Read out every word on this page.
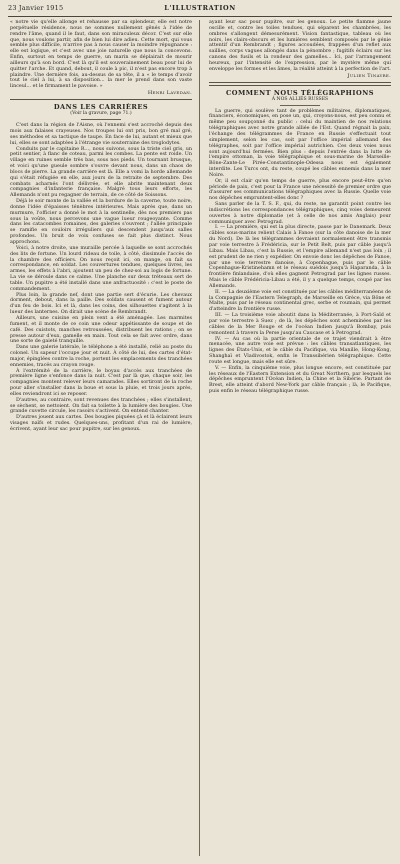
23 Janvier 1915	L'ILLUSTRATION

« notre vie qu'elle allonge et rehausse par sa splendeur, elle est notre perpétuelle résidence, nous ne sommes nullement gênés à l'idée de rendre l'âme, quand il le faut, dans son miraculeux décor. C'est sur elle que, nous voulons partir, afin de bien lui dire adieu. Cette mort, qui vous semble plus difficile, n'arrive pas à nous causer la moindre répugnance : elle est logique, et c'est avec une joie naturelle que nous la concevons. Enfin, surtout en temps de guerre, un marin se déplairait de mourir ailleurs qu'à son bord. C'est là qu'il est souverainement beau pour lui de quitter l'arche. Et quand, debout, il coule à pic, il n'est pas encore trop à plaindre. Une dernière fois, au-dessus de sa tête, il a « le temps d'avoir tout le ciel à lui, à sa disposition... la mer le prend dans son vaste linceul... et le firmament le pavoise. »

Henri Lavedan.
DANS LES CARRIÈRES
(Voir la gravure, page 71.)

C'est dans la région de l'Aisne, où l'ennemi s'est accroché depuis des mois aux falaises crayeuses. Nos troupes lui ont pris, bon gré mal gré, ses méthodes et sa tactique de taupe. En face de lui, autant et mieux que lui, elles se sont adaptées à l'étrange vie souterraine des troglodytes.

Conduits par le capitaine R..., nous suivons, sous la triste ciel gris, un petit sentier, à flanc de coteau, parmi les combes. La pente est roide. Un village en ruines semble très bas, sous nos pieds. Un tournant brusque, et voici qu'une gueule sombre s'ouvre devant nous, dans un chaos de blocs de pierre. La grande carrière est là. Elle a vomi la horde allemande qui s'était réfugiée en elle, aux jours de la retraite de septembre. Des combats acharnés l'ont délivrée, et elle abrite maintenant deux compagnies d'infanterie française. Malgré tous leurs efforts, les Allemands n'ont pu regagner de terrain, de ce côté de Soissons.

Déjà le soir monte de la vallée et la bordure de la caverne, toute noire, donne l'idée d'épaisses ténèbres intérieures. Mais après que, dans un murmure, l'officier a donné le mot à la sentinelle, dès nos premiers pas sous la voûte, nous percevons une vague lueur rougeoyante. Comme dans les catacombes romaines, des galeries s'ouvrent ; l'allée principale se ramifie en couloirs irréguliers qui descendent jusqu'aux salles profondes. Un bruit de voix confuses se fait plus distinct. Nous approchons.

Voici, à notre droite, une muraille percée à laquelle se sont accrochés des lits de fortune. Un lourd rideau de toile, à côté, dissimule l'accès de la chambre des officiers. On nous reçoit ici, on mange, on fait sa correspondance, en soldat. Les couvertures tendues, quelques livres, les armes, les effets à l'abri, ajoutent un peu de chez-soi au logis de fortune. La vie se déroule dans ce calme. Une planche sur deux tréteaux sert de table. Un pupitre a été installé dans une anfractuosité : c'est le poste de commandement.

Plus loin, la grande nef, dont une partie sert d'écurie. Les chevaux dorment, debout, dans la paille. Des soldats causent et fument autour d'un feu de bois. Ici et là, dans les coins, des silhouettes s'agitent à la lueur des lanternes. On dirait une scène de Rembrandt.

Ailleurs, une cuisine en plein vent a été aménagée. Les marmites fument, et il monte de ce coin une odeur appétissante de soupe et de café. Des cuistots, manches retroussées, distribuent les rations ; on se presse autour d'eux, gamelle en main. Tout cela se fait avec ordre, dans une sorte de gaieté tranquille.

Dans une galerie latérale, le téléphone a été installé, relié au poste du colonel. Un sapeur l'occupe jour et nuit. À côté de lui, des cartes d'état-major, épinglées contre la roche, portent les emplacements des tranchées ennemies, tracés au crayon rouge.

À l'extrémité de la carrière, le boyau d'accès aux tranchées de première ligne s'enfonce dans la nuit. C'est par là que, chaque soir, les compagnies montent relever leurs camarades. Elles sortiront de la roche pour aller s'installer dans la boue et sous la pluie, et trois jours après, elles reviendront ici se reposer.

D'autres, au contraire, sont revenues des tranchées ; elles s'installent, se sèchent, se nettoient. On fait sa toilette à la lumière des bougies. Une grande cuvette circule, les rasoirs s'activent. On entend chanter.

D'autres jouent aux cartes. Des bougies piquées çà et là éclairent leurs visages naïfs et rudes. Quelques-uns, profitant d'un rai de lumière, écrivent, ayant leur sac pour pupitre, sur les genoux.

ayant leur sac pour pupitre, sur les genoux. Le petite flamme jaune oscille et, contre les toiles tendues, qui séparent les chambrées, les ombres s'allongent démesurément. Vision fantastique, tableau où les noirs, les clairs-obscurs et les lumières semblent composés par le génie attentif d'un Rembrandt ; figures accoudées, frappées d'un reflet aux saillies, corps vagues allongés dans la pénombre ; fugitifs éclairs sur les canons des fusils et la rondeur des gamelles... Ici, par l'arrangement heureux, par l'intensité de l'expression, par le mystère même qui enveloppe les formes et les âmes, la réalité atteint à la perfection de l'art.

Julien Tinayre.
COMMENT NOUS TÉLÉGRAPHIONS
À NOS ALLIÉS RUSSES

La guerre, qui soulève tant de problèmes militaires, diplomatiques, financiers, économiques, en pose un, qui, croyons-nous, est peu connu et même peu soupçonné du public : celui du maintien de nos relations télégraphiques avec notre grande alliée de l'Est. Quand régnait la paix, l'échange des télégrammes de France en Russie s'effectuait tout simplement, selon les cas, soit par l'office impérial allemand des télégraphes, soit par l'office impérial autrichien. Ces deux voies nous sont aujourd'hui fermées. Bien plus : depuis l'entrée dans la lutte de l'empire ottoman, la voie télégraphique et sous-marine de Marseille-Bône-Zante-Le Pirée-Constantinople-Odessa nous est également interdite. Les Turcs ont, du reste, coupé les câbles ennemis dans la mer Noire.

Or, il est clair qu'en temps de guerre, plus encore peut-être qu'en période de paix, c'est pour la France une nécessité de premier ordre que d'assurer ses communications télégraphiques avec la Russie. Quelle voie nos dépêches empruntent-elles donc ?

Sans parler de la T. S. F., qui, du reste, ne garantit point contre les indiscrétions les correspondances télégraphiques, cinq voies demeurent ouvertes à notre diplomatie (et à celle de nos amis Anglais) pour communiquer avec Petrograd.

I. — La première, qui est la plus directe, passe par le Danemark. Deux câbles sous-marins relient Calais à Fanoe (sur la côte danoise de la mer du Nord). De là les télégrammes devraient normalement être transmis par voie terrestre à Frédéricia, sur le Petit Belt, puis par câble jusqu'à Libau. Mais Libau, c'est la Russie, et l'empire allemand n'est pas loin ; il est prudent de ne rien y expédier. On envoie donc les dépêches de Fanoe, par une voie terrestre danoise, à Copenhague, puis par le câble Copenhague-Kristinehamn et le réseau suédois jusqu'à Haparanda, à la frontière finlandaise, d'où elles gagnent Petrograd par les lignes russes. Mais le câble Frédéricia-Libau a été, il y a quelque temps, coupé par les Allemands.

II. — La deuxième voie est constituée par les câbles méditerranéens de la Compagnie de l'Eastern Telegraph, de Marseille en Grèce, via Bône et Malte, puis par le réseau continental grec, serbe et roumain, qui permet d'atteindre la frontière russe.

III. — La troisième voie aboutit dans la Méditerranée, à Port-Saïd et par voie terrestre à Suez ; de là, les dépêches sont acheminées par les câbles de la Mer Rouge et de l'océan Indien jusqu'à Bombay, puis remontent à travers la Perse jusqu'au Caucase et à Petrograd.

IV. — Au cas où la partie orientale de ce trajet viendrait à être menacée, une autre voie est prévue : les câbles transatlantiques, les lignes des États-Unis, et le câble du Pacifique, via Manille, Hong-Kong, Shanghaï et Vladivostok, enfin le Transsibérien télégraphique. Cette route est longue, mais elle est sûre.

V. — Enfin, la cinquième voie, plus longue encore, est constituée par les réseaux de l'Eastern Extension et du Great Northern, par lesquels les dépêches empruntent l'Océan Indien, la Chine et la Sibérie. Partant de Brest, elle atteint d'abord New-York par câble français ; là, le Pacifique, puis enfin le réseau télégraphique russe.
